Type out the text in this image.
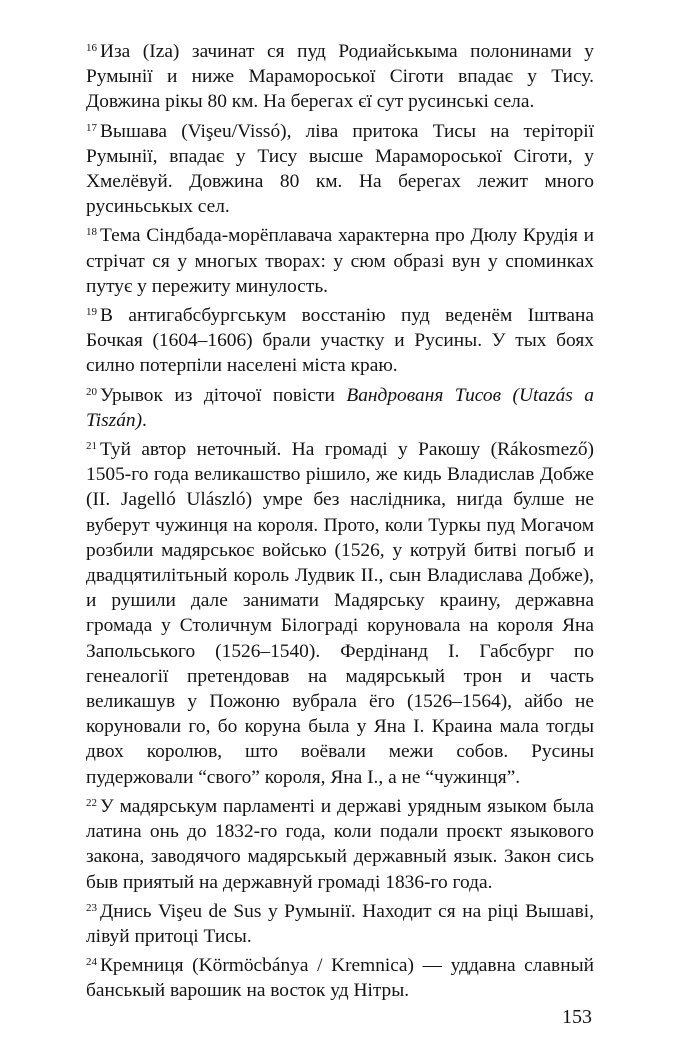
$^{16}$ Иза (Iza) зачинат ся пуд Родиайськыма полонинами у Румынії и ниже Марамороської Сіготи впадає у Тису. Довжина рікы 80 км. На берегах єї сут русинські села.

$^{17}$ Вышава (Vişeu/Vissó), ліва притока Тисы на теріторії Румынії, впадає у Тису высше Марамороської Сіготи, у Хмелёвуй. Довжина 80 км. На берегах лежит много русиньськых сел.

$^{18}$ Тема Сіндбада-морёплавача характерна про Дюлу Крудія и стрічат ся у многых творах: у сюм образі вун у споминках путує у пережиту минулость.

$^{19}$ В антигабсбургськум восстанію пуд веденём Іштвана Бочкая (1604–1606) брали участку и Русины. У тых боях силно потерпіли населені міста краю.

$^{20}$ Урывок из діточої повісти Вандрованя Тисов (Utazás a Tiszán).

$^{21}$ Туй автор неточный. На громаді у Ракошу (Rákosmező) 1505-го года великашство рішило, же кидь Владислав Добже (II. Jagelló Ulászló) умре без наслідника, ниґда булше не вуберут чужинця на короля. Прото, коли Туркы пуд Могачом розбили мадярськоє войсько (1526, у котруй битві погыб и двадцятилітьный король Лудвик II., сын Владислава Добже), и рушили дале занимати Мадярську краину, державна громада у Столичнум Білограді коруновала на короля Яна Запольського (1526–1540). Фердінанд I. Габсбург по генеалогії претендовав на мадярськый трон и часть великашув у Пожоню вубрала ёго (1526–1564), айбо не коруновали го, бо коруна была у Яна I. Краина мала тогды двох королюв, што воёвали межи собов. Русины пудержовали “свого” короля, Яна I., а не “чужинця”.

$^{22}$ У мадярськум парламенті и державі урядным языком была латина онь до 1832-го года, коли подали проєкт языкового закона, заводячого мадярськый державный язык. Закон сись быв приятый на державнуй громаді 1836-го года.

$^{23}$ Днись Vişeu de Sus у Румынії. Находит ся на ріці Вышаві, лівуй притоці Тисы.

$^{24}$ Кремниця (Körmöcbánya / Kremnica) — уддавна славный банськый варошик на восток уд Нітры.

153
